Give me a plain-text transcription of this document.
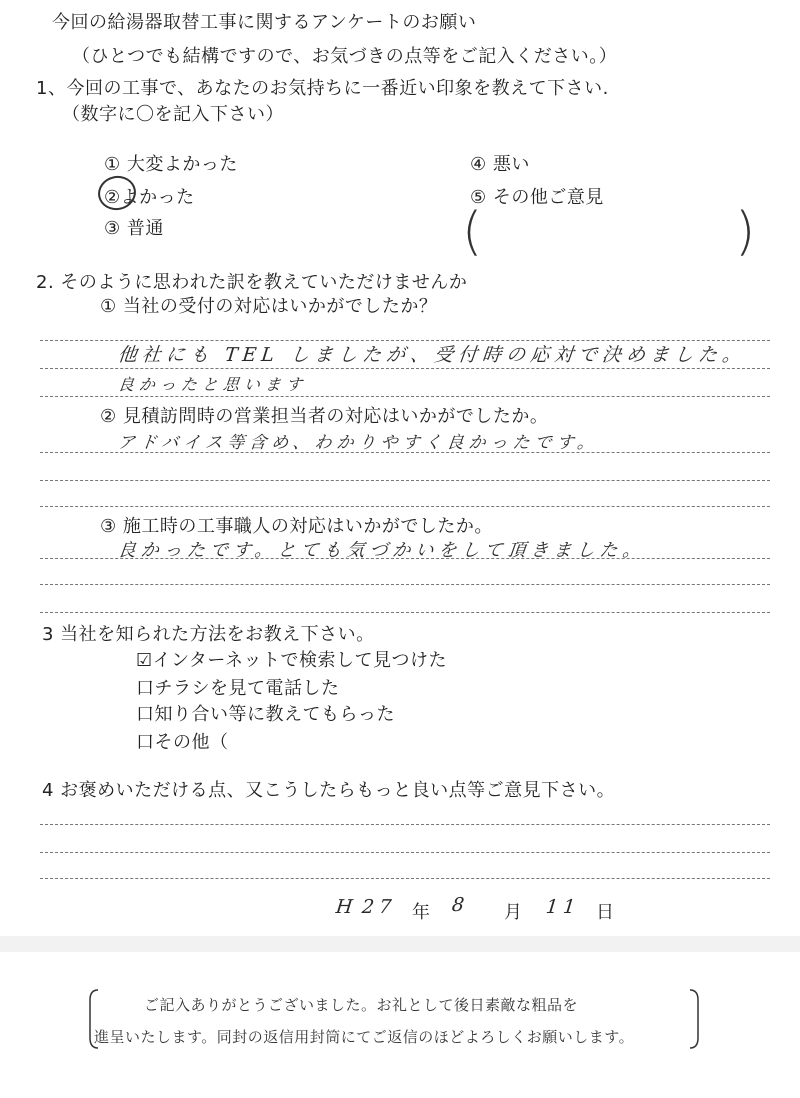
今回の給湯器取替工事に関するアンケートのお願い
（ひとつでも結構ですので、お気づきの点等をご記入ください。）
1、今回の工事で、あなたのお気持ちに一番近い印象を教えて下さい.
（数字に〇を記入下さい）
① 大変よかった
②よかった
③ 普通
④ 悪い
⑤ その他ご意見
(	)
2. そのように思われた訳を教えていただけませんか
① 当社の受付の対応はいかがでしたか？
他社にも TEL しましたが、受付時の応対で決めました。
良かったと思います
② 見積訪問時の営業担当者の対応はいかがでしたか。
アドバイス等含め、わかりやすく良かったです。
③ 施工時の工事職人の対応はいかがでしたか。
良かったです。とても気づかいをして頂きました。
3 当社を知られた方法をお教え下さい。
☑インターネットで検索して見つけた
口チラシを見て電話した
口知り合い等に教えてもらった
口その他（
4 お褒めいただける点、又こうしたらもっと良い点等ご意見下さい。
H 27 年 8 月 11 日
ご記入ありがとうございました。お礼として後日素敵な粗品を
進呈いたします。同封の返信用封筒にてご返信のほどよろしくお願いします。
